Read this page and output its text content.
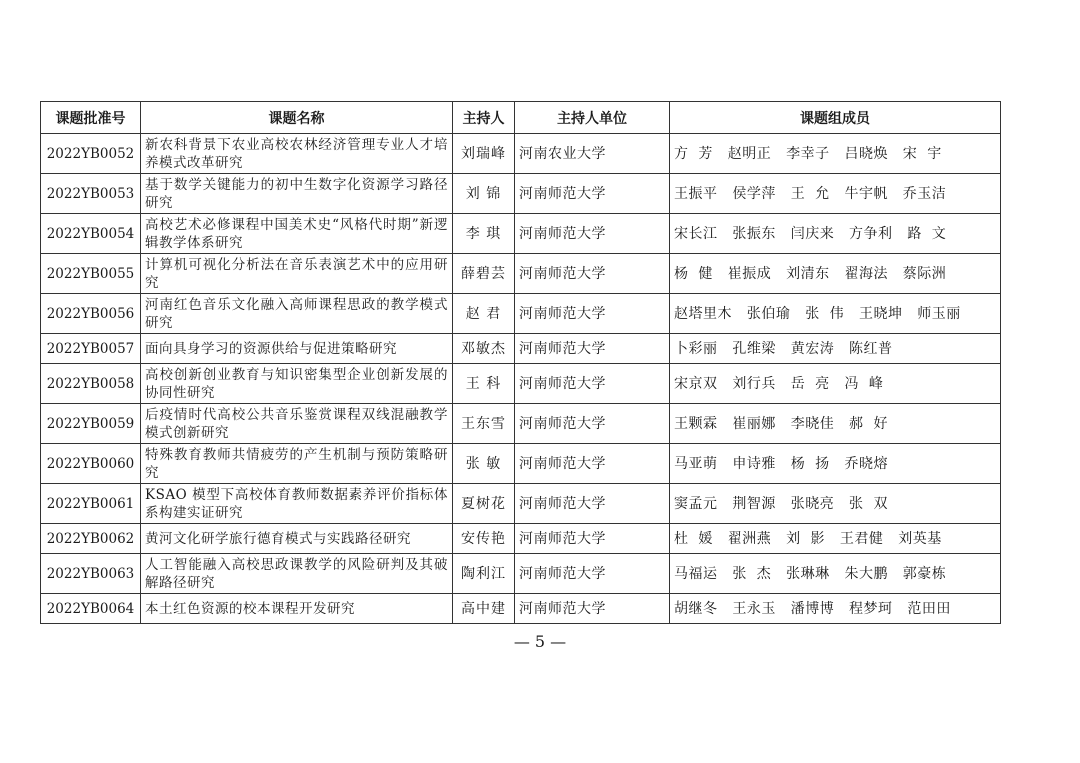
课题批准号	课题名称	主持人	主持人单位	课题组成员
2022YB0052	新农科背景下农业高校农林经济管理专业人才培养模式改革研究	刘瑞峰	河南农业大学	方  芳   赵明正   李幸子   吕晓焕   宋  宇
2022YB0053	基于数学关键能力的初中生数字化资源学习路径研究	刘 锦	河南师范大学	王振平   侯学萍   王  允   牛宇帆   乔玉洁
2022YB0054	高校艺术必修课程中国美术史“风格代时期”新逻辑教学体系研究	李 琪	河南师范大学	宋长江   张振东   闫庆来   方争利   路  文
2022YB0055	计算机可视化分析法在音乐表演艺术中的应用研究	薛碧芸	河南师范大学	杨  健   崔振成   刘清东   翟海法   蔡际洲
2022YB0056	河南红色音乐文化融入高师课程思政的教学模式研究	赵 君	河南师范大学	赵塔里木   张伯瑜   张  伟   王晓坤   师玉丽
2022YB0057	面向具身学习的资源供给与促进策略研究	邓敏杰	河南师范大学	卜彩丽   孔维梁   黄宏涛   陈红普
2022YB0058	高校创新创业教育与知识密集型企业创新发展的协同性研究	王 科	河南师范大学	宋京双   刘行兵   岳  亮   冯  峰
2022YB0059	后疫情时代高校公共音乐鉴赏课程双线混融教学模式创新研究	王东雪	河南师范大学	王颗霖   崔丽娜   李晓佳   郝  好
2022YB0060	特殊教育教师共情疲劳的产生机制与预防策略研究	张 敏	河南师范大学	马亚萌   申诗雅   杨  扬   乔晓熔
2022YB0061	KSAO 模型下高校体育教师数据素养评价指标体系构建实证研究	夏树花	河南师范大学	窦孟元   荆智源   张晓亮   张  双
2022YB0062	黄河文化研学旅行德育模式与实践路径研究	安传艳	河南师范大学	杜  媛   翟洲燕   刘  影   王君健   刘英基
2022YB0063	人工智能融入高校思政课教学的风险研判及其破解路径研究	陶利江	河南师范大学	马福运   张  杰   张琳琳   朱大鹏   郭豪栋
2022YB0064	本土红色资源的校本课程开发研究	高中建	河南师范大学	胡继冬   王永玉   潘博博   程梦珂   范田田
— 5 —
